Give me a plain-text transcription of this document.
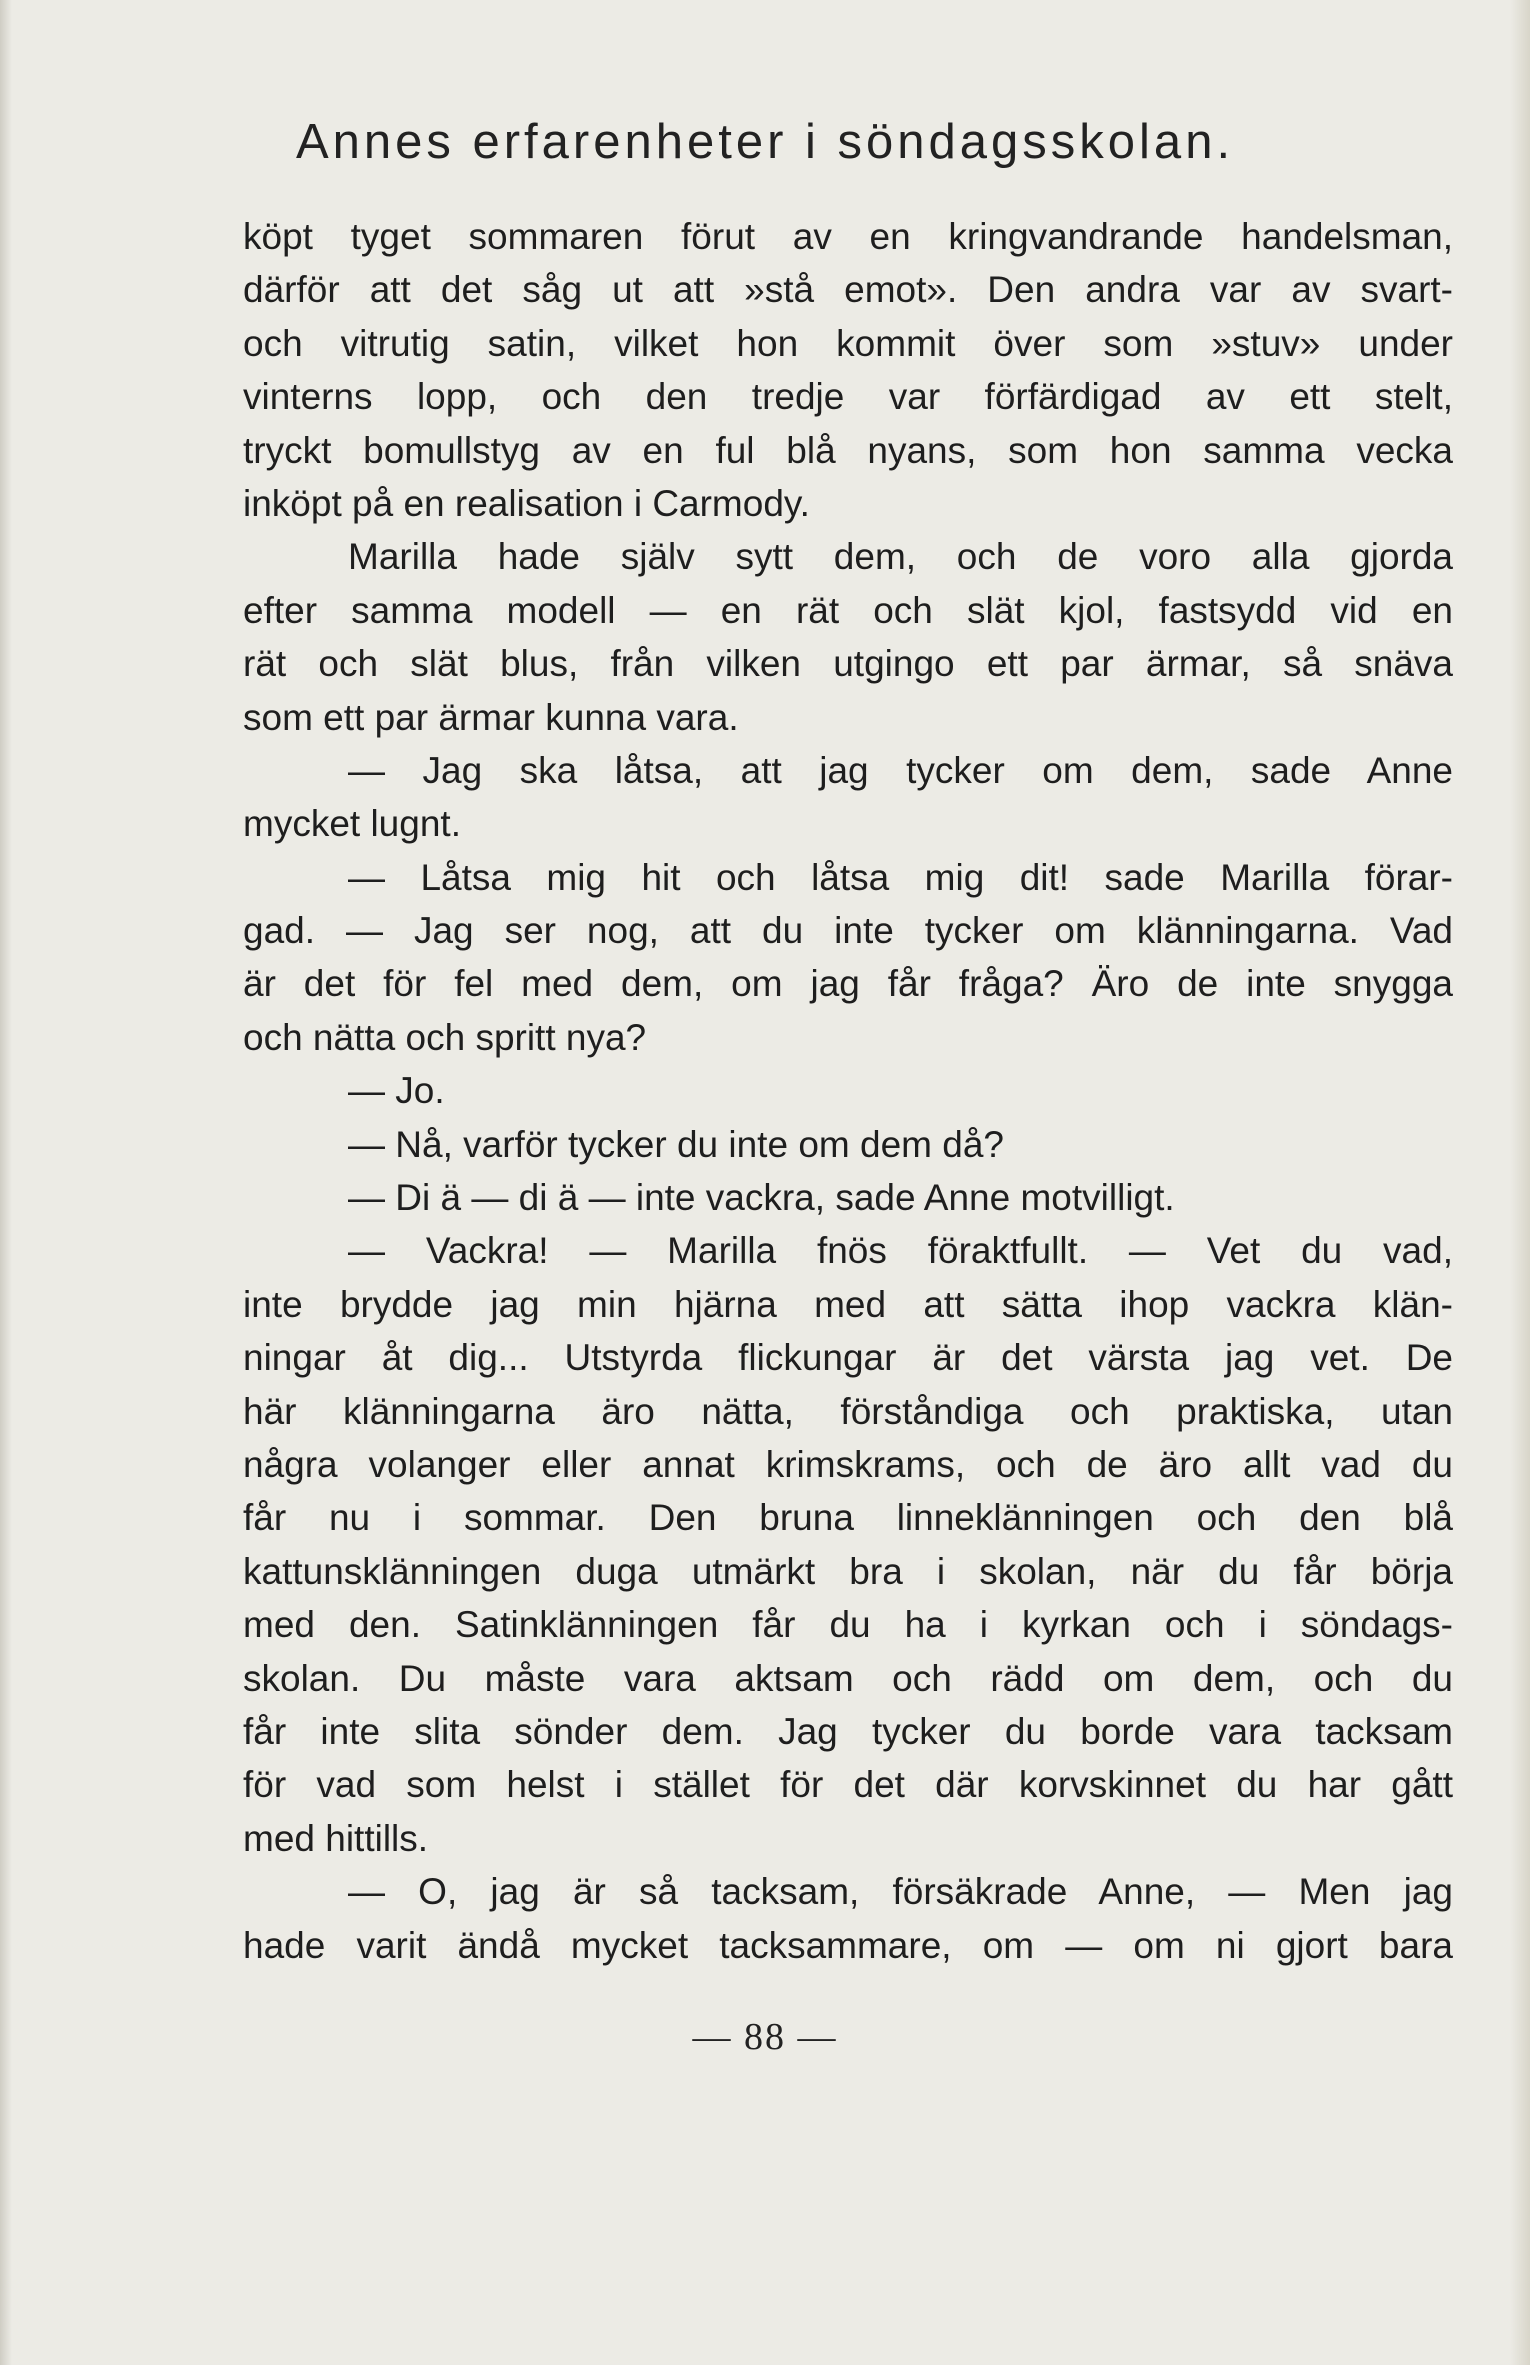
Annes erfarenheter i söndagsskolan.
köpt tyget sommaren förut av en kringvandrande handelsman,
därför att det såg ut att »stå emot». Den andra var av svart-
och vitrutig satin, vilket hon kommit över som »stuv» under
vinterns lopp, och den tredje var förfärdigad av ett stelt,
tryckt bomullstyg av en ful blå nyans, som hon samma vecka
inköpt på en realisation i Carmody.
Marilla hade själv sytt dem, och de voro alla gjorda
efter samma modell — en rät och slät kjol, fastsydd vid en
rät och slät blus, från vilken utgingo ett par ärmar, så snäva
som ett par ärmar kunna vara.
— Jag ska låtsa, att jag tycker om dem, sade Anne
mycket lugnt.
— Låtsa mig hit och låtsa mig dit! sade Marilla förar-
gad. — Jag ser nog, att du inte tycker om klänningarna. Vad
är det för fel med dem, om jag får fråga? Äro de inte snygga
och nätta och spritt nya?
— Jo.
— Nå, varför tycker du inte om dem då?
— Di ä — di ä — inte vackra, sade Anne motvilligt.
— Vackra! — Marilla fnös föraktfullt. — Vet du vad,
inte brydde jag min hjärna med att sätta ihop vackra klän-
ningar åt dig... Utstyrda flickungar är det värsta jag vet. De
här klänningarna äro nätta, förståndiga och praktiska, utan
några volanger eller annat krimskrams, och de äro allt vad du
får nu i sommar. Den bruna linneklänningen och den blå
kattunsklänningen duga utmärkt bra i skolan, när du får börja
med den. Satinklänningen får du ha i kyrkan och i söndags-
skolan. Du måste vara aktsam och rädd om dem, och du
får inte slita sönder dem. Jag tycker du borde vara tacksam
för vad som helst i stället för det där korvskinnet du har gått
med hittills.
— O, jag är så tacksam, försäkrade Anne, — Men jag
hade varit ändå mycket tacksammare, om — om ni gjort bara
— 88 —
